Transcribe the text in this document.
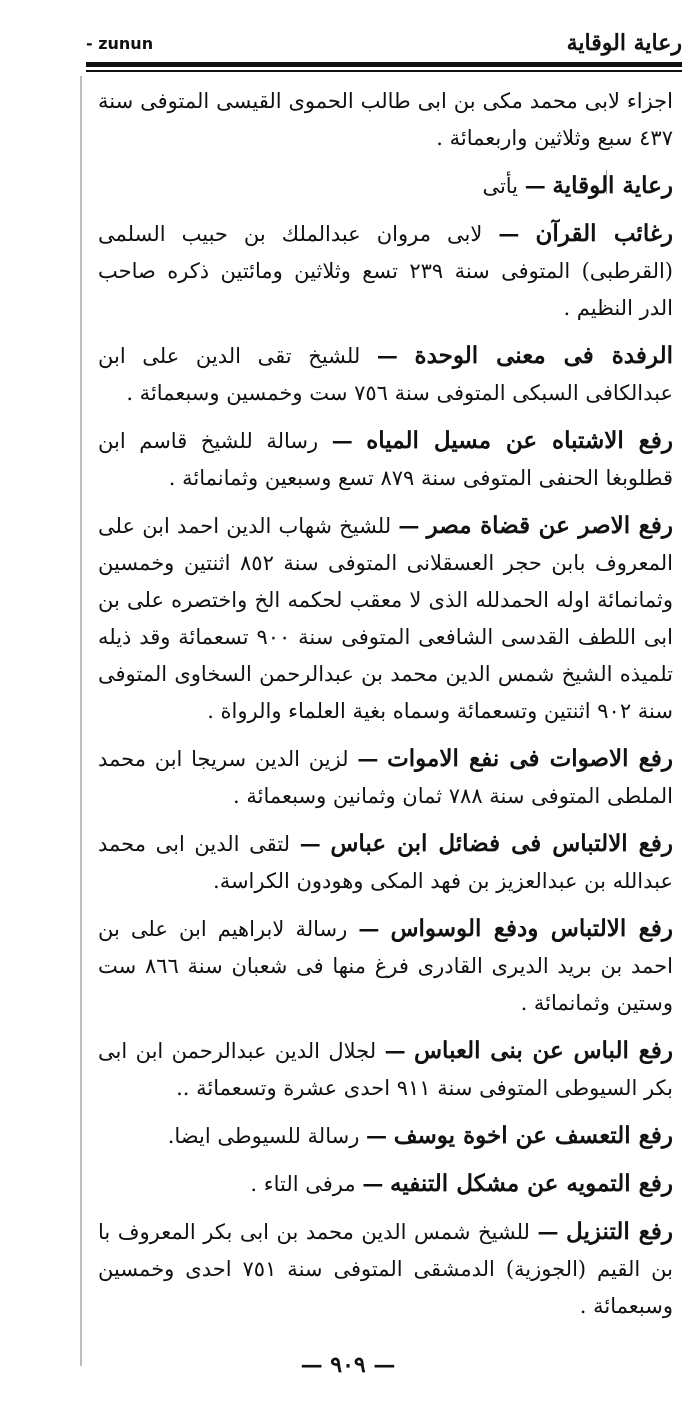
- zunun	رعاية الوقاية

اجزاء لابی محمد مکی بن ابی طالب الحموی القیسی المتوفی سنة ٤٣٧ سبع وثلاثین واربعمائة .

رعاية الوقاية — یأتی

رغائب القرآن — لابی مروان عبدالملك بن حبیب السلمی (القرطبی) المتوفی سنة ٢٣٩ تسع وثلاثین ومائتین ذکره صاحب الدر النظیم .

الرفدة فی معنی الوحدة — للشیخ تقی الدین علی ابن عبدالکافی السبکی المتوفی سنة ٧٥٦ ست وخمسین وسبعمائة .

رفع الاشتباه عن مسیل المیاه — رسالة للشیخ قاسم ابن قطلوبغا الحنفی المتوفی سنة ٨٧٩ تسع وسبعین وثمانمائة .

رفع الاصر عن قضاة مصر — للشیخ شهاب الدین احمد ابن علی المعروف بابن حجر العسقلانی المتوفی سنة ٨٥٢ اثنتین وخمسین وثمانمائة اوله الحمدلله الذی لا معقب لحکمه الخ واختصره علی بن ابی اللطف القدسی الشافعی المتوفی سنة ٩٠٠ تسعمائة وقد ذیله تلمیذه الشیخ شمس الدین محمد بن عبدالرحمن السخاوی المتوفی سنة ٩٠٢ اثنتین وتسعمائة وسماه بغیة العلماء والرواة .

رفع الاصوات فی نفع الاموات — لزین الدین سریجا ابن محمد الملطی المتوفی سنة ٧٨٨ ثمان وثمانین وسبعمائة .

رفع الالتباس فی فضائل ابن عباس — لتقی الدین ابی محمد عبدالله بن عبدالعزیز بن فهد المکی وهودون الکراسة.

رفع الالتباس ودفع الوسواس — رسالة لابراهیم ابن علی بن احمد بن برید الدیری القادری فرغ منها فی شعبان سنة ٨٦٦ ست وستین وثمانمائة .

رفع الباس عن بنی العباس — لجلال الدین عبدالرحمن ابن ابی بکر السیوطی المتوفی سنة ٩١١ احدی عشرة وتسعمائة ..

رفع التعسف عن اخوة یوسف — رسالة للسیوطی ایضا.

رفع التمویه عن مشکل التنفیه — مرفی التاء .

رفع التنزیل — للشیخ شمس الدین محمد بن ابی بکر المعروف با بن القیم (الجوزیة) الدمشقی المتوفی سنة ٧٥١ احدی وخمسین وسبعمائة .

— ٩٠٩ —
